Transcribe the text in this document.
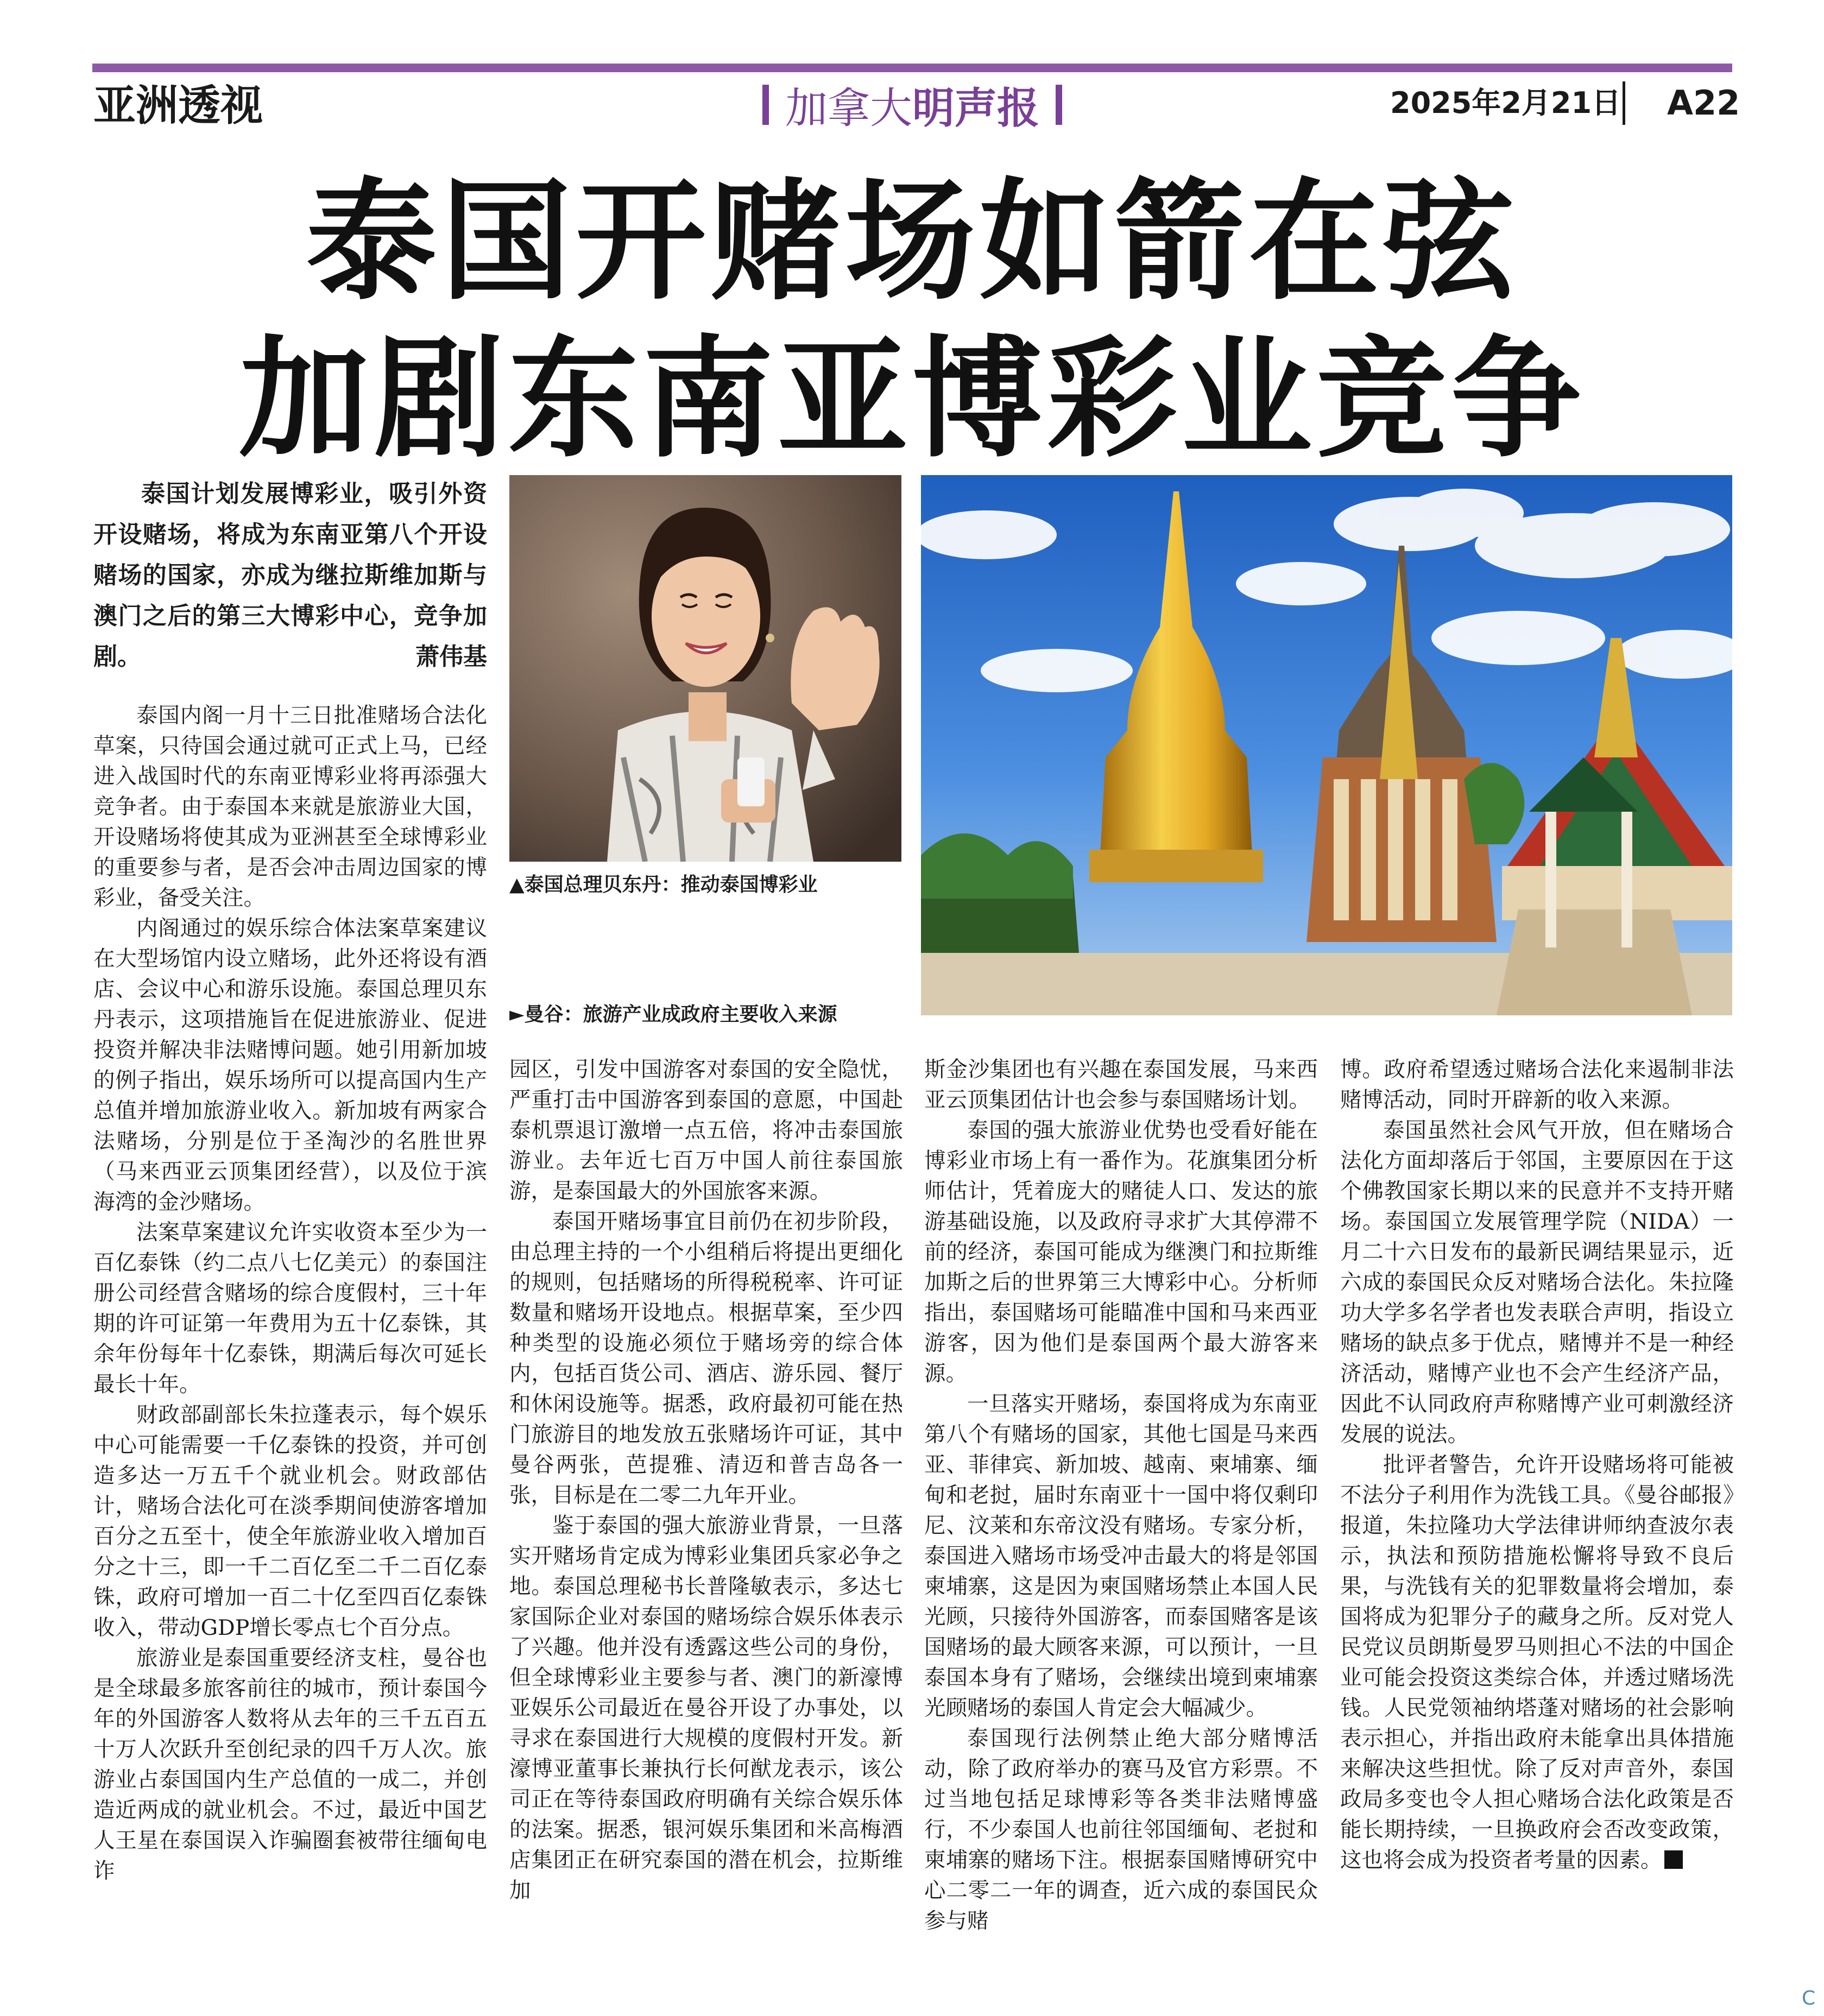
亚洲透视	加拿大 明声报	2025年2月21日 A22
泰国开赌场如箭在弦
加剧东南亚博彩业竞争
泰国计划发展博彩业，吸引外资开设赌场，将成为东南亚第八个开设赌场的国家，亦成为继拉斯维加斯与澳门之后的第三大博彩中心，竞争加剧。	萧伟基
▲泰国总理贝东丹：推动泰国博彩业
►曼谷：旅游产业成政府主要收入来源

泰国内阁一月十三日批准赌场合法化草案，只待国会通过就可正式上马，已经进入战国时代的东南亚博彩业将再添强大竞争者。由于泰国本来就是旅游业大国，开设赌场将使其成为亚洲甚至全球博彩业的重要参与者，是否会冲击周边国家的博彩业，备受关注。

内阁通过的娱乐综合体法案草案建议在大型场馆内设立赌场，此外还将设有酒店、会议中心和游乐设施。泰国总理贝东丹表示，这项措施旨在促进旅游业、促进投资并解决非法赌博问题。她引用新加坡的例子指出，娱乐场所可以提高国内生产总值并增加旅游业收入。新加坡有两家合法赌场，分别是位于圣淘沙的名胜世界（马来西亚云顶集团经营），以及位于滨海湾的金沙赌场。

法案草案建议允许实收资本至少为一百亿泰铢（约二点八七亿美元）的泰国注册公司经营含赌场的综合度假村，三十年期的许可证第一年费用为五十亿泰铢，其余年份每年十亿泰铢，期满后每次可延长最长十年。

财政部副部长朱拉蓬表示，每个娱乐中心可能需要一千亿泰铢的投资，并可创造多达一万五千个就业机会。财政部估计，赌场合法化可在淡季期间使游客增加百分之五至十，使全年旅游业收入增加百分之十三，即一千二百亿至二千二百亿泰铢，政府可增加一百二十亿至四百亿泰铢收入，带动GDP增长零点七个百分点。

旅游业是泰国重要经济支柱，曼谷也是全球最多旅客前往的城市，预计泰国今年的外国游客人数将从去年的三千五百五十万人次跃升至创纪录的四千万人次。旅游业占泰国国内生产总值的一成二，并创造近两成的就业机会。不过，最近中国艺人王星在泰国误入诈骗圈套被带往缅甸电诈

园区，引发中国游客对泰国的安全隐忧，严重打击中国游客到泰国的意愿，中国赴泰机票退订激增一点五倍，将冲击泰国旅游业。去年近七百万中国人前往泰国旅游，是泰国最大的外国旅客来源。

泰国开赌场事宜目前仍在初步阶段，由总理主持的一个小组稍后将提出更细化的规则，包括赌场的所得税税率、许可证数量和赌场开设地点。根据草案，至少四种类型的设施必须位于赌场旁的综合体内，包括百货公司、酒店、游乐园、餐厅和休闲设施等。据悉，政府最初可能在热门旅游目的地发放五张赌场许可证，其中曼谷两张，芭提雅、清迈和普吉岛各一张，目标是在二零二九年开业。

鉴于泰国的强大旅游业背景，一旦落实开赌场肯定成为博彩业集团兵家必争之地。泰国总理秘书长普隆敏表示，多达七家国际企业对泰国的赌场综合娱乐体表示了兴趣。他并没有透露这些公司的身份，但全球博彩业主要参与者、澳门的新濠博亚娱乐公司最近在曼谷开设了办事处，以寻求在泰国进行大规模的度假村开发。新濠博亚董事长兼执行长何猷龙表示，该公司正在等待泰国政府明确有关综合娱乐体的法案。据悉，银河娱乐集团和米高梅酒店集团正在研究泰国的潜在机会，拉斯维加

斯金沙集团也有兴趣在泰国发展，马来西亚云顶集团估计也会参与泰国赌场计划。

泰国的强大旅游业优势也受看好能在博彩业市场上有一番作为。花旗集团分析师估计，凭着庞大的赌徒人口、发达的旅游基础设施，以及政府寻求扩大其停滞不前的经济，泰国可能成为继澳门和拉斯维加斯之后的世界第三大博彩中心。分析师指出，泰国赌场可能瞄准中国和马来西亚游客，因为他们是泰国两个最大游客来源。

一旦落实开赌场，泰国将成为东南亚第八个有赌场的国家，其他七国是马来西亚、菲律宾、新加坡、越南、柬埔寨、缅甸和老挝，届时东南亚十一国中将仅剩印尼、汶莱和东帝汶没有赌场。专家分析，泰国进入赌场市场受冲击最大的将是邻国柬埔寨，这是因为柬国赌场禁止本国人民光顾，只接待外国游客，而泰国赌客是该国赌场的最大顾客来源，可以预计，一旦泰国本身有了赌场，会继续出境到柬埔寨光顾赌场的泰国人肯定会大幅减少。

泰国现行法例禁止绝大部分赌博活动，除了政府举办的赛马及官方彩票。不过当地包括足球博彩等各类非法赌博盛行，不少泰国人也前往邻国缅甸、老挝和柬埔寨的赌场下注。根据泰国赌博研究中心二零二一年的调查，近六成的泰国民众参与赌

博。政府希望透过赌场合法化来遏制非法赌博活动，同时开辟新的收入来源。

泰国虽然社会风气开放，但在赌场合法化方面却落后于邻国，主要原因在于这个佛教国家长期以来的民意并不支持开赌场。泰国国立发展管理学院（NIDA）一月二十六日发布的最新民调结果显示，近六成的泰国民众反对赌场合法化。朱拉隆功大学多名学者也发表联合声明，指设立赌场的缺点多于优点，赌博并不是一种经济活动，赌博产业也不会产生经济产品，因此不认同政府声称赌博产业可刺激经济发展的说法。

批评者警告，允许开设赌场将可能被不法分子利用作为洗钱工具。《曼谷邮报》报道，朱拉隆功大学法律讲师纳查波尔表示，执法和预防措施松懈将导致不良后果，与洗钱有关的犯罪数量将会增加，泰国将成为犯罪分子的藏身之所。反对党人民党议员朗斯曼罗马则担心不法的中国企业可能会投资这类综合体，并透过赌场洗钱。人民党领袖纳塔蓬对赌场的社会影响表示担心，并指出政府未能拿出具体措施来解决这些担忧。除了反对声音外，泰国政局多变也令人担心赌场合法化政策是否能长期持续，一旦换政府会否改变政策，这也将会成为投资者考量的因素。

C
